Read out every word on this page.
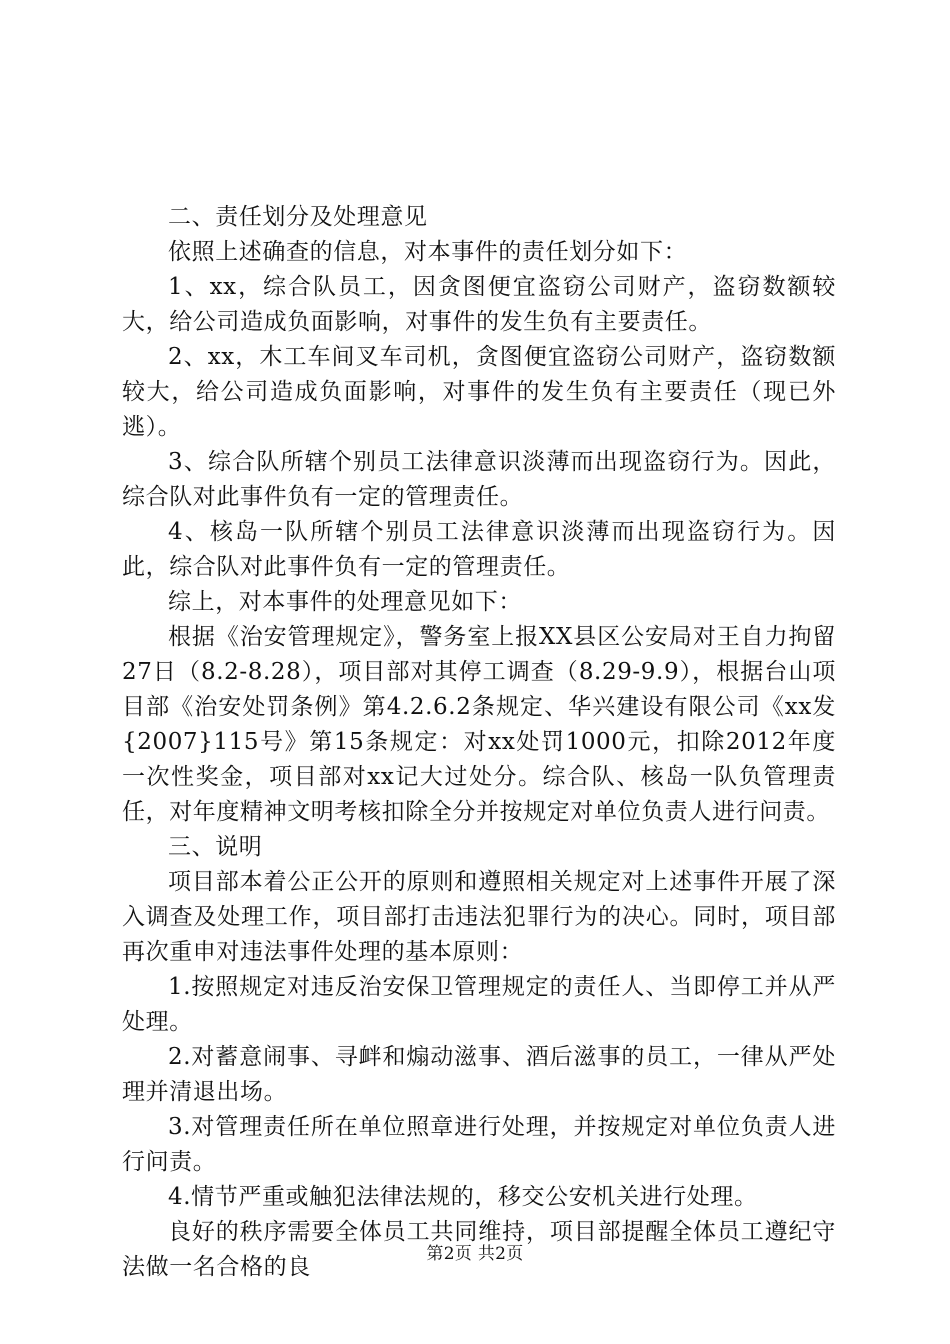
二、责任划分及处理意见

依照上述确查的信息，对本事件的责任划分如下：

1、xx，综合队员工，因贪图便宜盗窃公司财产，盗窃数额较大，给公司造成负面影响，对事件的发生负有主要责任。

2、xx，木工车间叉车司机，贪图便宜盗窃公司财产，盗窃数额较大，给公司造成负面影响，对事件的发生负有主要责任（现已外逃）。

3、综合队所辖个别员工法律意识淡薄而出现盗窃行为。因此，综合队对此事件负有一定的管理责任。

4、核岛一队所辖个别员工法律意识淡薄而出现盗窃行为。因此，综合队对此事件负有一定的管理责任。

综上，对本事件的处理意见如下：

根据《治安管理规定》，警务室上报XX县区公安局对王自力拘留27日（8.2-8.28），项目部对其停工调查（8.29-9.9），根据台山项目部《治安处罚条例》第4.2.6.2条规定、华兴建设有限公司《xx发{2007}115号》第15条规定：对xx处罚1000元，扣除2012年度一次性奖金，项目部对xx记大过处分。综合队、核岛一队负管理责任，对年度精神文明考核扣除全分并按规定对单位负责人进行问责。

三、说明

项目部本着公正公开的原则和遵照相关规定对上述事件开展了深入调查及处理工作，项目部打击违法犯罪行为的决心。同时，项目部再次重申对违法事件处理的基本原则：

1.按照规定对违反治安保卫管理规定的责任人、当即停工并从严处理。

2.对蓄意闹事、寻衅和煽动滋事、酒后滋事的员工，一律从严处理并清退出场。

3.对管理责任所在单位照章进行处理，并按规定对单位负责人进行问责。

4.情节严重或触犯法律法规的，移交公安机关进行处理。

良好的秩序需要全体员工共同维持，项目部提醒全体员工遵纪守法做一名合格的良	第2页 共2页
